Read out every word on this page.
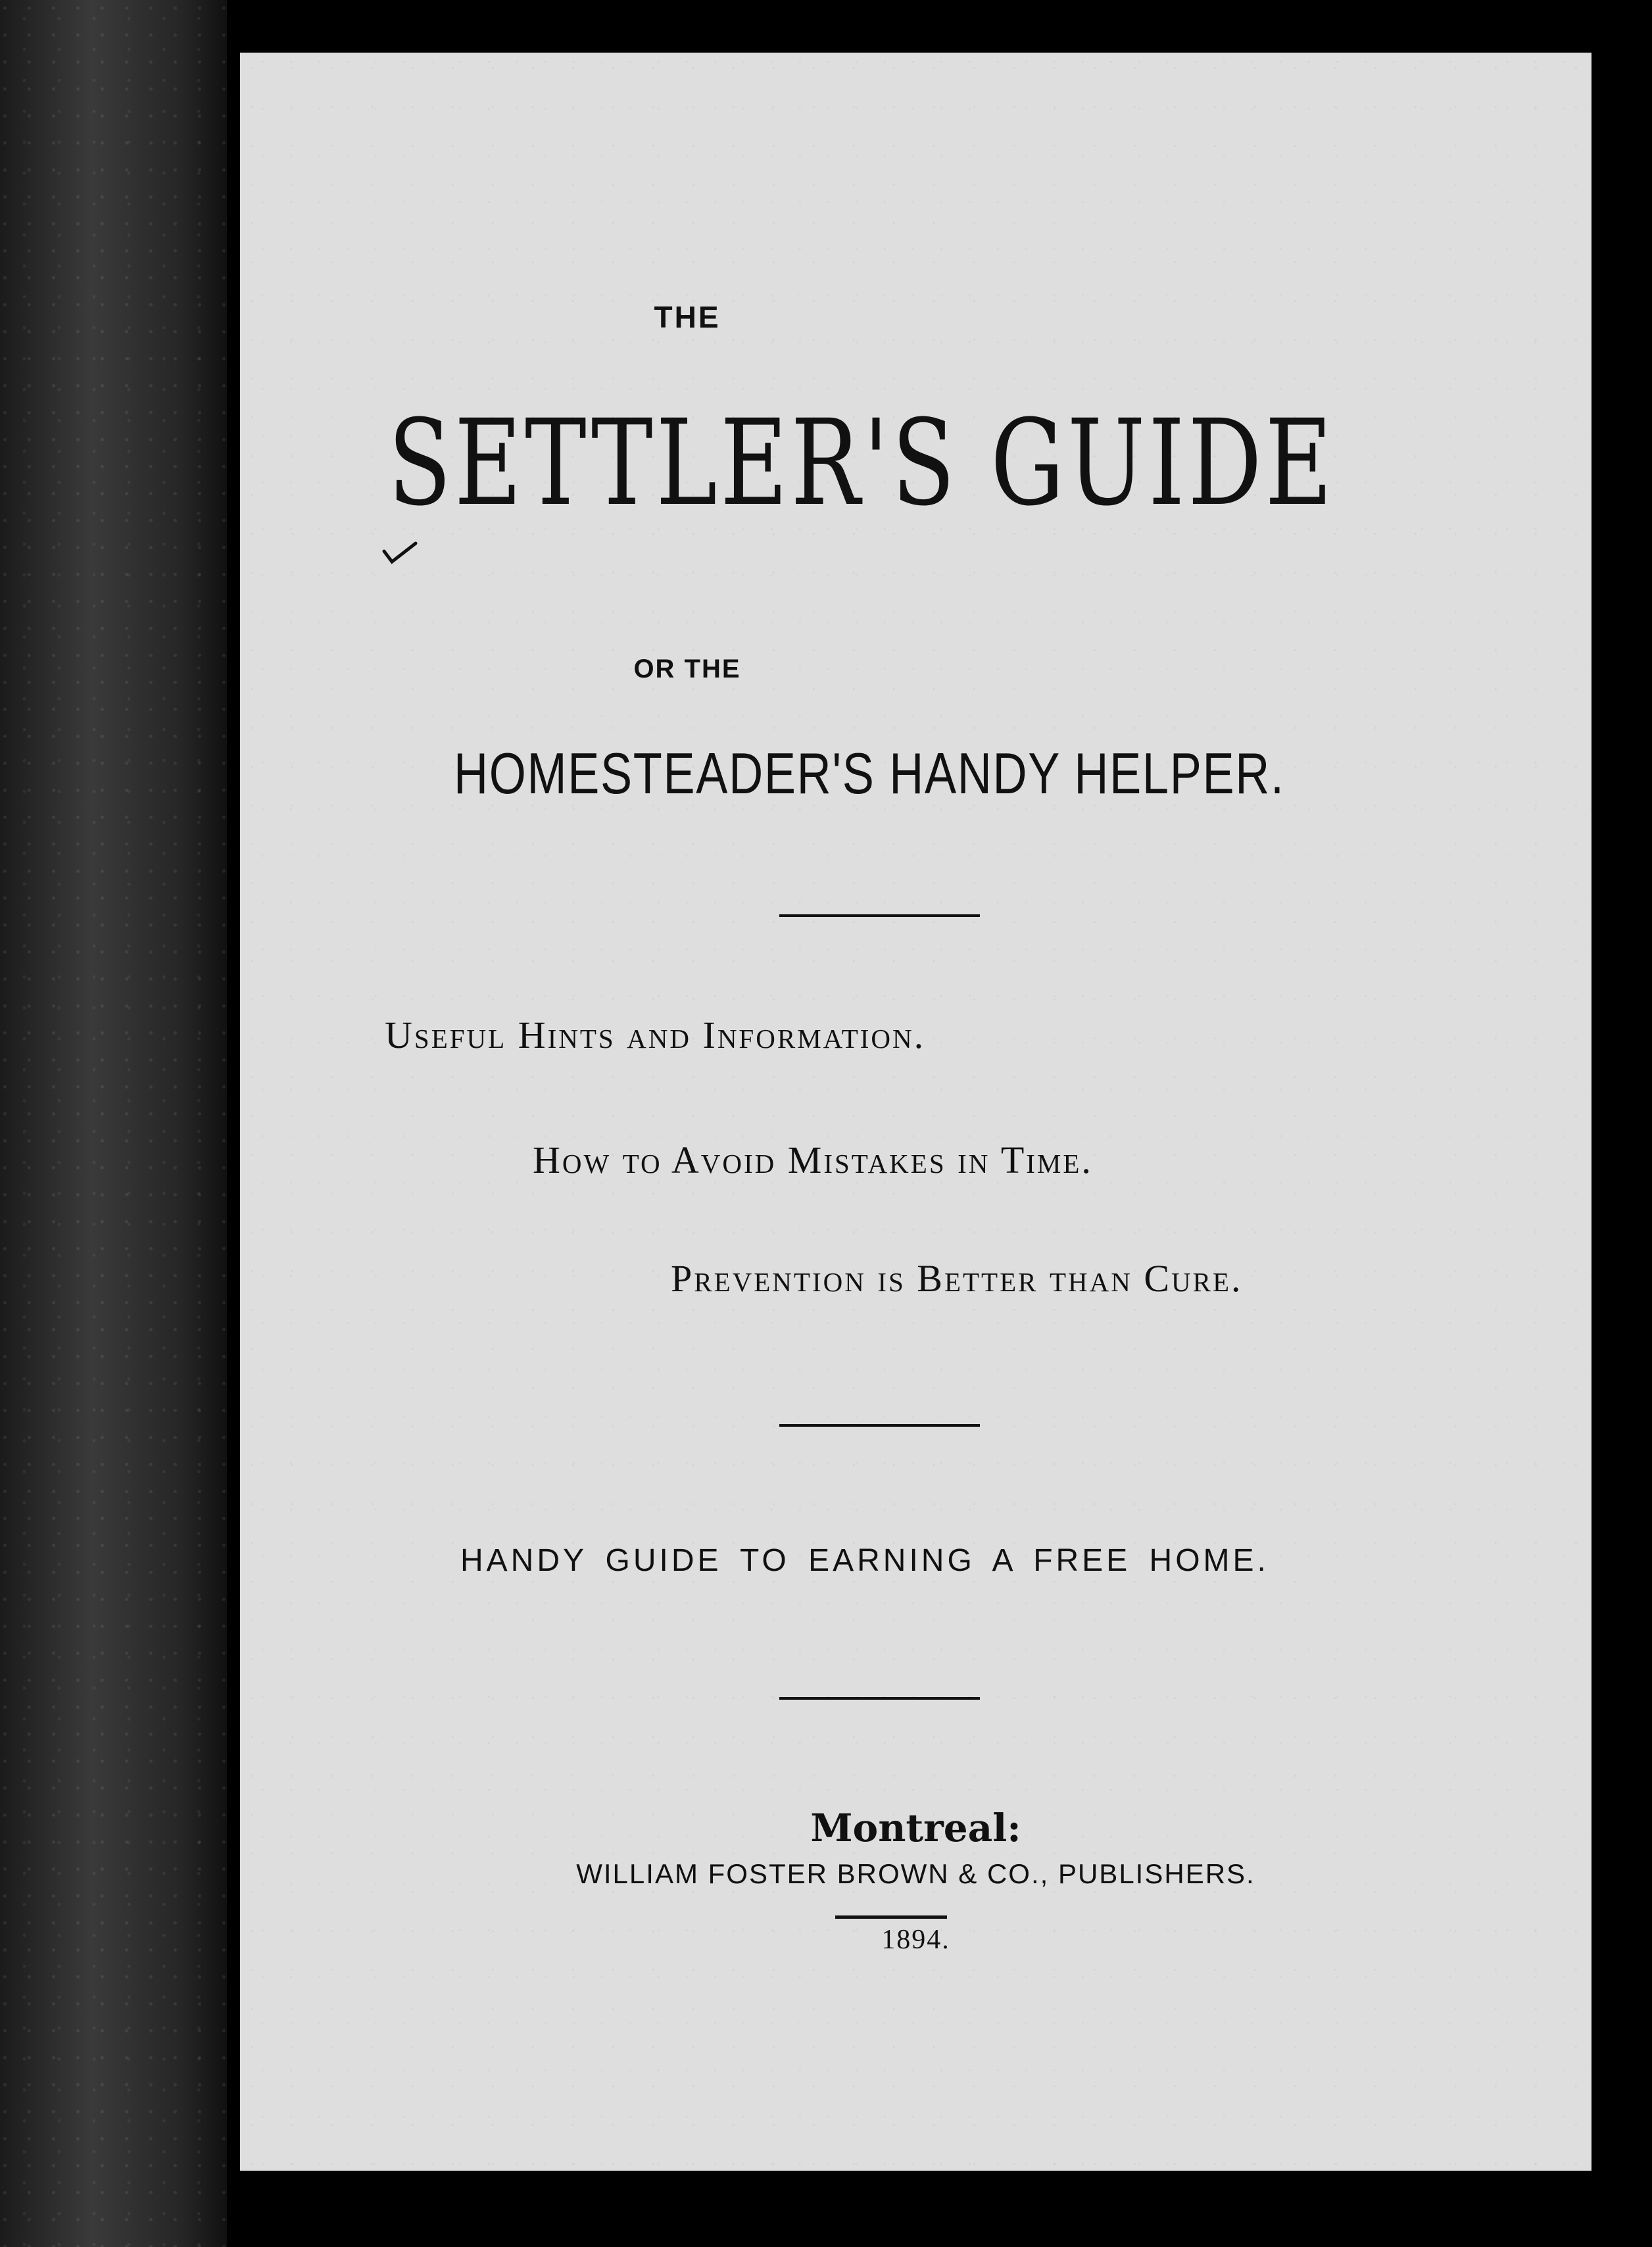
THE
SETTLER'S GUIDE
OR THE
HOMESTEADER'S HANDY HELPER.
Useful Hints and Information.
How to Avoid Mistakes in Time.
Prevention is Better than Cure.
HANDY GUIDE TO EARNING A FREE HOME.
Montreal:
WILLIAM FOSTER BROWN & CO., PUBLISHERS.
1894.
